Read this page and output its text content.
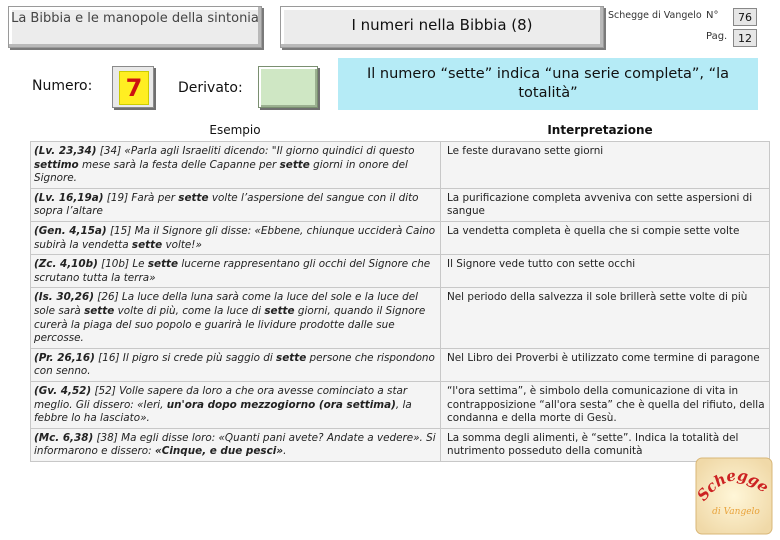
La Bibbia e le manopole della sintonia	I numeri nella Bibbia (8)
Schegge di Vangelo N°	76
Pag. 12
Numero: 7	Derivato:
Il numero “sette” indica “una serie completa”, “la totalità”
Esempio	Interpretazione
(Lv. 23,34) [34] «Parla agli Israeliti dicendo: "Il giorno quindici di questo settimo mese sarà la festa delle Capanne per sette giorni in onore del Signore.	Le feste duravano sette giorni
(Lv. 16,19a) [19] Farà per sette volte l’aspersione del sangue con il dito sopra l’altare	La purificazione completa avveniva con sette aspersioni di sangue
(Gen. 4,15a) [15] Ma il Signore gli disse: «Ebbene, chiunque ucciderà Caino subirà la vendetta sette volte!»	La vendetta completa è quella che si compie sette volte
(Zc. 4,10b) [10b] Le sette lucerne rappresentano gli occhi del Signore che scrutano tutta la terra»	Il Signore vede tutto con sette occhi
(Is. 30,26) [26] La luce della luna sarà come la luce del sole e la luce del sole sarà sette volte di più, come la luce di sette giorni, quando il Signore curerà la piaga del suo popolo e guarirà le lividure prodotte dalle sue percosse.	Nel periodo della salvezza il sole brillerà sette volte di più
(Pr. 26,16) [16] Il pigro si crede più saggio di sette persone che rispondono con senno.	Nel Libro dei Proverbi è utilizzato come termine di paragone
(Gv. 4,52) [52] Volle sapere da loro a che ora avesse cominciato a star meglio. Gli dissero: «Ieri, un'ora dopo mezzogiorno (ora settima), la febbre lo ha lasciato».	“l'ora settima”, è simbolo della comunicazione di vita in contrapposizione “all'ora sesta” che è quella del rifiuto, della condanna e della morte di Gesù.
(Mc. 6,38) [38] Ma egli disse loro: «Quanti pani avete? Andate a vedere». Si informarono e dissero: «Cinque, e due pesci».	La somma degli alimenti, è “sette”. Indica la totalità del nutrimento posseduto della comunità
Schegge
di Vangelo
